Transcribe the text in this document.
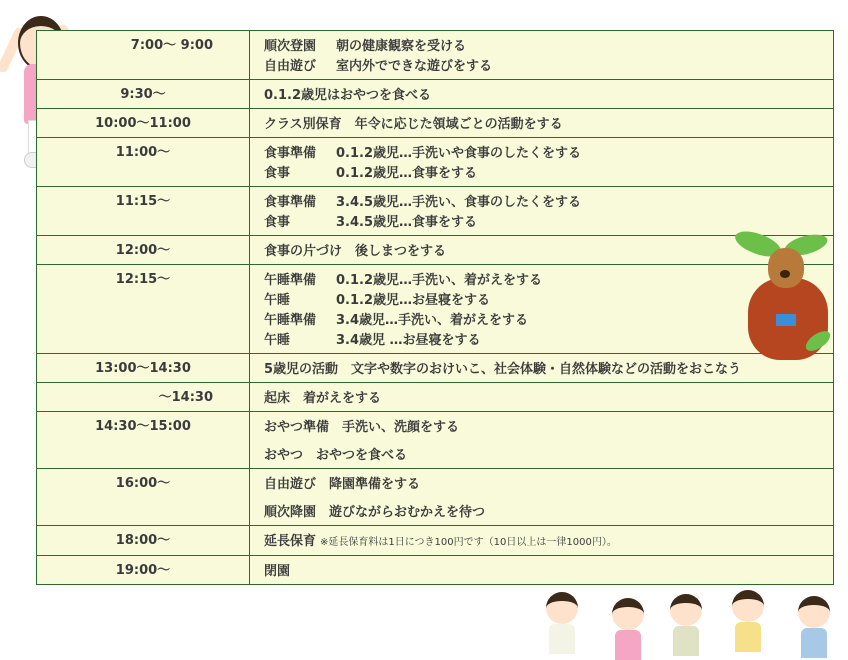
7:00～ 9:00	順次登園 朝の健康観察を受ける
自由遊び 室内外でできな遊びをする

9:30～	0.1.2歳児はおやつを食べる

10:00～11:00	クラス別保育　年令に応じた領域ごとの活動をする

11:00～	食事準備 0.1.2歳児…手洗いや食事のしたくをする
食事 0.1.2歳児…食事をする

11:15～	食事準備 3.4.5歳児…手洗い、食事のしたくをする
食事 3.4.5歳児…食事をする

12:00～	食事の片づけ　後しまつをする

12:15～	午睡準備 0.1.2歳児…手洗い、着がえをする
午睡 0.1.2歳児…お昼寝をする
午睡準備 3.4歳児…手洗い、着がえをする
午睡 3.4歳児 …お昼寝をする

13:00～14:30	5歳児の活動　文字や数字のおけいこ、社会体験・自然体験などの活動をおこなう

～14:30	起床　着がえをする

14:30～15:00	おやつ準備　手洗い、洗顔をする
おやつ　おやつを食べる

16:00～	自由遊び　降園準備をする
順次降園　遊びながらおむかえを待つ

18:00～	延長保育 ※延長保育料は1日につき100円です（10日以上は一律1000円）。

19:00～	閉園
